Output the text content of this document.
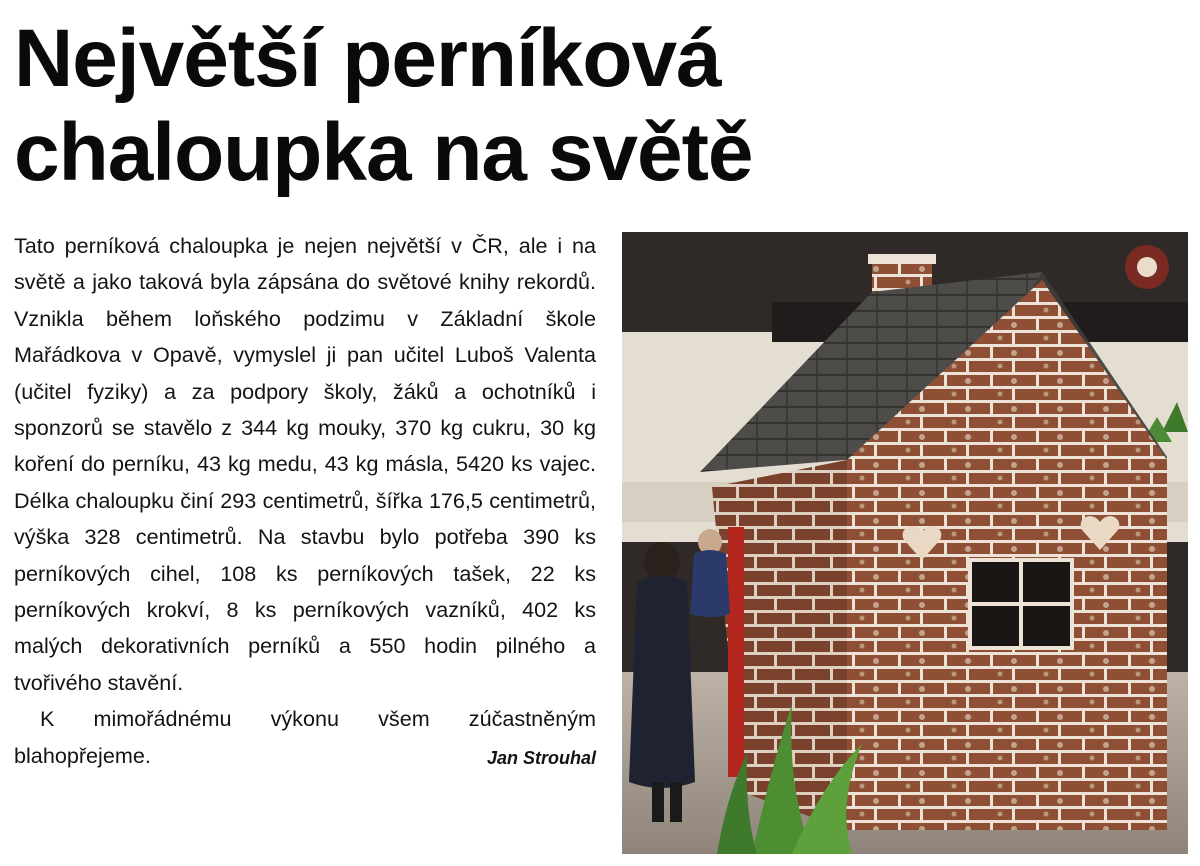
Největší perníková
chaloupka na světě

Tato perníková chaloupka je nejen největší v ČR, ale i na světě a jako taková byla zápsána do světové knihy rekordů. Vznikla během loňského podzimu v Základní škole Mařádkova v Opavě, vymyslel ji pan učitel Luboš Valenta (učitel fyziky) a za podpory školy, žáků a ochotníků i sponzorů se stavělo z 344 kg mouky, 370 kg cukru, 30 kg koření do perníku, 43 kg medu, 43 kg másla, 5420 ks vajec. Délka chaloupku činí 293 centimetrů, šířka 176,5 centimetrů, výška 328 centimetrů. Na stavbu bylo potřeba 390 ks perníkových cihel, 108 ks perníkových tašek, 22 ks perníkových krokví, 8 ks perníkových vazníků, 402 ks malých dekorativních perníků a 550 hodin pilného a tvořivého stavění.

K mimořádnému výkonu všem zúčastněným blahopřejeme.	Jan Strouhal
